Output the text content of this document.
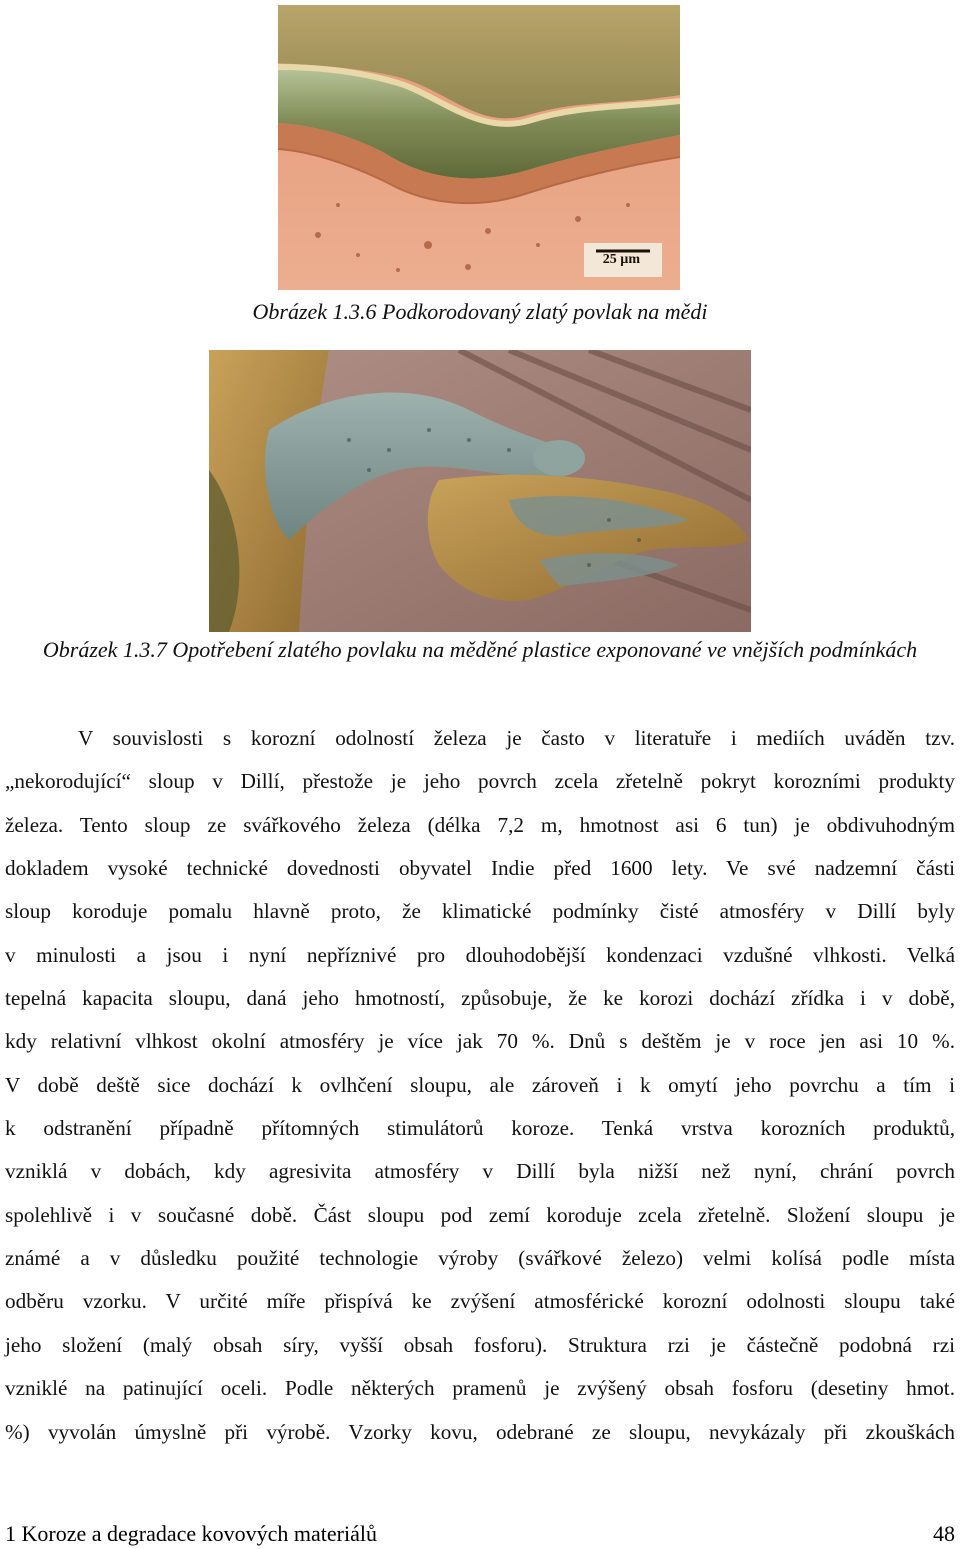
25 µm
Obrázek 1.3.6 Podkorodovaný zlatý povlak na mědi
Obrázek 1.3.7 Opotřebení zlatého povlaku na měděné plastice exponované ve vnějších podmínkách
V souvislosti s korozní odolností železa je často v literatuře i mediích uváděn tzv.
„nekorodující“ sloup v Dillí, přestože je jeho povrch zcela zřetelně pokryt korozními produkty
železa. Tento sloup ze svářkového železa (délka 7,2 m, hmotnost asi 6 tun) je obdivuhodným
dokladem vysoké technické dovednosti obyvatel Indie před 1600 lety. Ve své nadzemní části
sloup koroduje pomalu hlavně proto, že klimatické podmínky čisté atmosféry v Dillí byly
v minulosti a jsou i nyní nepříznivé pro dlouhodobější kondenzaci vzdušné vlhkosti. Velká
tepelná kapacita sloupu, daná jeho hmotností, způsobuje, že ke korozi dochází zřídka i v době,
kdy relativní vlhkost okolní atmosféry je více jak 70 %. Dnů s deštěm je v roce jen asi 10 %.
V době deště sice dochází k ovlhčení sloupu, ale zároveň i k omytí jeho povrchu a tím i
k odstranění případně přítomných stimulátorů koroze. Tenká vrstva korozních produktů,
vzniklá v dobách, kdy agresivita atmosféry v Dillí byla nižší než nyní, chrání povrch
spolehlivě i v současné době. Část sloupu pod zemí koroduje zcela zřetelně. Složení sloupu je
známé a v důsledku použité technologie výroby (svářkové železo) velmi kolísá podle místa
odběru vzorku. V určité míře přispívá ke zvýšení atmosférické korozní odolnosti sloupu také
jeho složení (malý obsah síry, vyšší obsah fosforu). Struktura rzi je částečně podobná rzi
vzniklé na patinující oceli. Podle některých pramenů je zvýšený obsah fosforu (desetiny hmot.
%) vyvolán úmyslně při výrobě. Vzorky kovu, odebrané ze sloupu, nevykázaly při zkouškách
1 Koroze a degradace kovových materiálů	48
